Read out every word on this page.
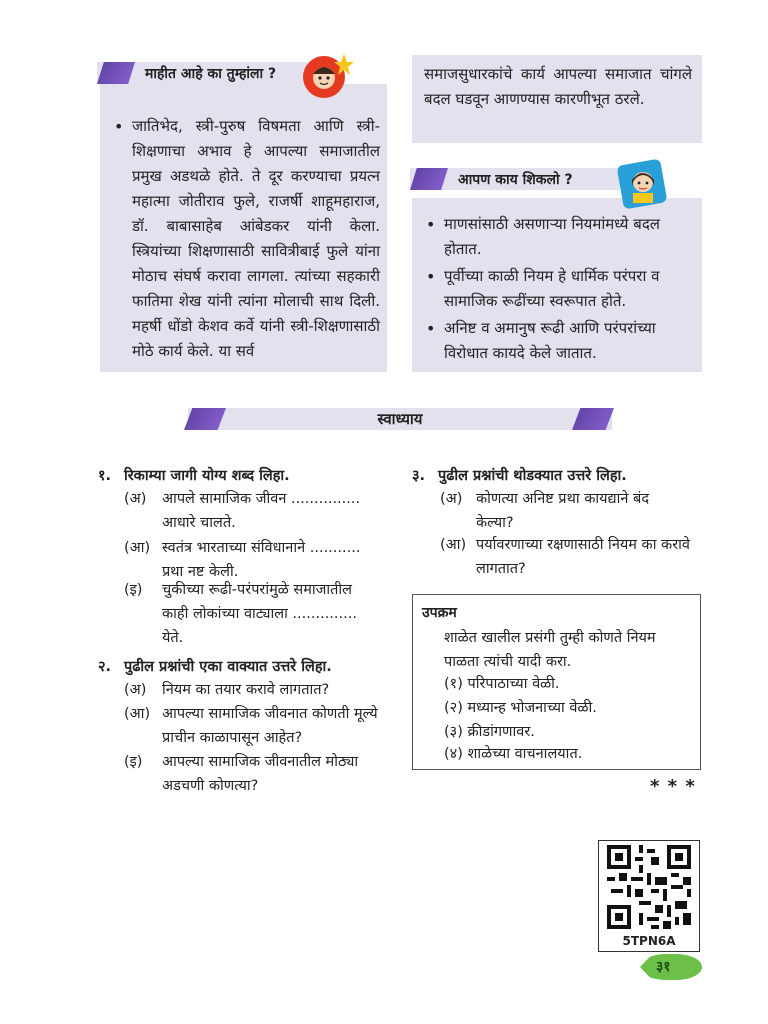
माहीत आहे का तुम्हांला ?
• जातिभेद, स्त्री-पुरुष विषमता आणि स्त्री-शिक्षणाचा अभाव हे आपल्या समाजातील प्रमुख अडथळे होते. ते दूर करण्याचा प्रयत्न महात्मा जोतीराव फुले, राजर्षी शाहूमहाराज, डॉ. बाबासाहेब आंबेडकर यांनी केला. स्त्रियांच्या शिक्षणासाठी सावित्रीबाई फुले यांना मोठाच संघर्ष करावा लागला. त्यांच्या सहकारी फातिमा शेख यांनी त्यांना मोलाची साथ दिली. महर्षी धोंडो केशव कर्वे यांनी स्त्री-शिक्षणासाठी मोठे कार्य केले. या सर्व
समाजसुधारकांचे कार्य आपल्या समाजात चांगले बदल घडवून आणण्यास कारणीभूत ठरले.
आपण काय शिकलो ?
• माणसांसाठी असणाऱ्या नियमांमध्ये बदल होतात.
• पूर्वीच्या काळी नियम हे धार्मिक परंपरा व सामाजिक रूढींच्या स्वरूपात होते.
• अनिष्ट व अमानुष रूढी आणि परंपरांच्या विरोधात कायदे केले जातात.
स्वाध्याय
१. रिकाम्या जागी योग्य शब्द लिहा.
(अ) आपले सामाजिक जीवन ...............
आधारे चालते.
(आ) स्वतंत्र भारताच्या संविधानाने ...........
प्रथा नष्ट केली.
(इ) चुकीच्या रूढी-परंपरांमुळे समाजातील
काही लोकांच्या वाट्याला ..............
येते.
२. पुढील प्रश्नांची एका वाक्यात उत्तरे लिहा.
(अ) नियम का तयार करावे लागतात?
(आ) आपल्या सामाजिक जीवनात कोणती मूल्ये
प्राचीन काळापासून आहेत?
(इ) आपल्या सामाजिक जीवनातील मोठ्या
अडचणी कोणत्या?
३. पुढील प्रश्नांची थोडक्यात उत्तरे लिहा.
(अ) कोणत्या अनिष्ट प्रथा कायद्याने बंद
केल्या?
(आ) पर्यावरणाच्या रक्षणासाठी नियम का करावे
लागतात?
उपक्रम
शाळेत खालील प्रसंगी तुम्ही कोणते नियम
पाळता त्यांची यादी करा.
(१) परिपाठाच्या वेळी.
(२) मध्यान्ह भोजनाच्या वेळी.
(३) क्रीडांगणावर.
(४) शाळेच्या वाचनालयात.
* * *
5TPN6A
३१
